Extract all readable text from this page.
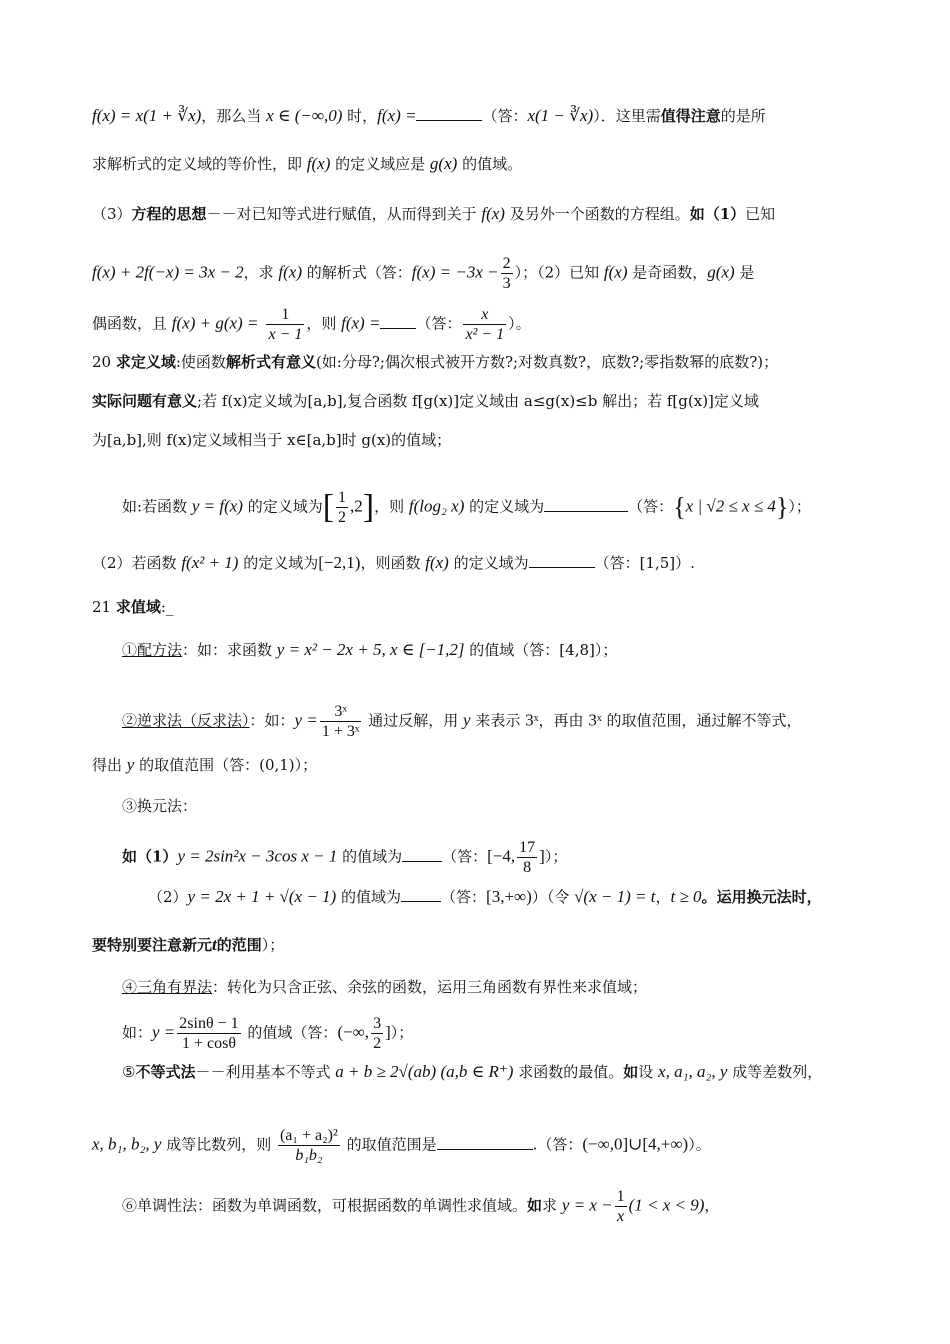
f(x) = x(1 + ∛x)，那么当 x ∈ (−∞,0) 时，f(x) =	（答：x(1 − ∛x)）．这里需值得注意的是所
求解析式的定义域的等价性，即 f(x) 的定义域应是 g(x) 的值域。
（3）方程的思想－－对已知等式进行赋值，从而得到关于 f(x) 及另外一个函数的方程组。如（1）已知
f(x) + 2f(−x) = 3x − 2，求 f(x) 的解析式（答：$f(x) = -3x - \frac{2}{3}$ ）；（2）已知 f(x) 是奇函数，g(x) 是
偶函数，且 $f(x) + g(x) = \frac{1}{x - 1}$ ，则 f(x) = （答： $\frac{x}{\text{x² − 1}}$ ）。
20 求定义域:使函数解析式有意义(如:分母?;偶次根式被开方数?;对数真数?，底数?;零指数幂的底数?)；
实际问题有意义;若 f(x)定义域为[a,b],复合函数 f[g(x)]定义域由 a≤g(x)≤b 解出；若 f[g(x)]定义域
为[a,b],则 f(x)定义域相当于 x∈[a,b]时 g(x)的值域；
如:若函数 y = f(x) 的定义域为[ $\frac{1}{2} ,2$]，则 f(log₂ x) 的定义域为	（答：{x | √2 ≤ x ≤ 4}）；
（2）若函数 f(x² + 1) 的定义域为[−2,1)，则函数 f(x) 的定义域为	（答：[1,5]）.
21 求值域:_
①配方法：如：求函数 y = x² − 2x + 5, x ∈ [−1,2] 的值域（答：[4,8]）；
②逆求法（反求法）：如：$y = \frac{\text{3ˣ}}{\text{1 + 3ˣ}}$ 通过反解，用 y 来表示 3ˣ，再由 3ˣ 的取值范围，通过解不等式，
得出 y 的取值范围（答：(0,1)）；
③换元法：
如（1）y = 2sin²x − 3cos x − 1 的值域为	（答：[−4, $\frac{17}{8}$ ]）；
（2）y = 2x + 1 + √(x − 1) 的值域为	（答：[3,+∞)）（令 √(x − 1) = t，t ≥ 0。运用换元法时，
要特别要注意新元t的范围）；
④三角有界法：转化为只含正弦、余弦的函数，运用三角函数有界性来求值域；
如：$y = \frac{2\sin\theta - 1}{1 + \cos\theta}$ 的值域（答：(−∞, $\frac{3}{2}$ ]）；
⑤不等式法－－利用基本不等式 a + b ≥ 2√(ab) (a,b ∈ R⁺) 求函数的最值。如设 x, a₁, a₂, y 成等差数列，
x, b₁, b₂, y 成等比数列，则 $\frac{\text{(a₁ + a₂)²}}{\text{b₁b₂}}$ 的取值范围是	.（答：(−∞,0]∪[4,+∞)）。
⑥单调性法：函数为单调函数，可根据函数的单调性求值域。如求 $y = x - \frac{1}{x} (1 < x < 9)$，
